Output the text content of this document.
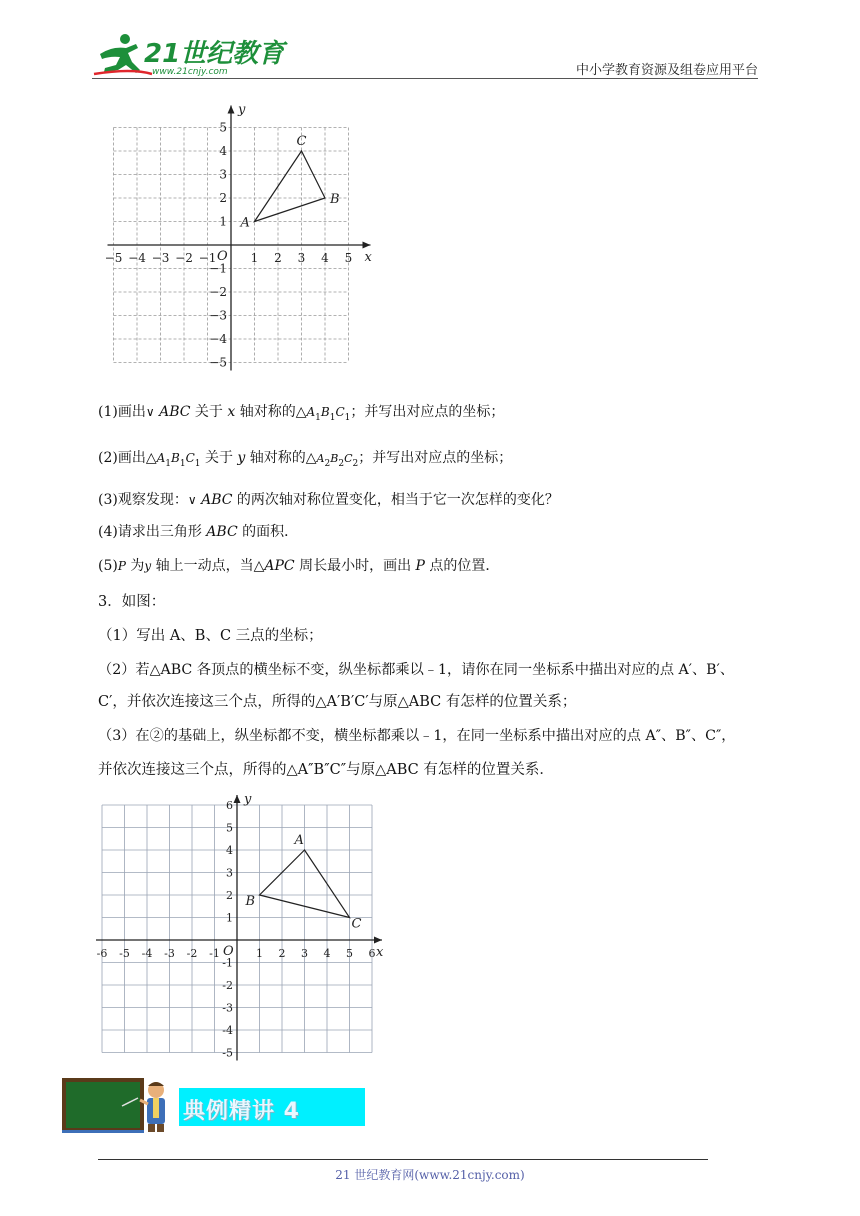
21世纪教育
www.21cnjy.com	中小学教育资源及组卷应用平台
x
y
O
−5 −4 −3 −2 −1	1 2 3 4 5
5
4
3
2
1
−1
−2
−3
−4
−5
A
B
C
(1)画出∨ ABC 关于 x 轴对称的$\triangle A_1B_1C_1$；并写出对应点的坐标；
(2)画出$\triangle A_1B_1C_1$ 关于 y 轴对称的$\triangle A_2B_2C_2$；并写出对应点的坐标；
(3)观察发现：∨ ABC 的两次轴对称位置变化，相当于它一次怎样的变化？
(4)请求出三角形 ABC 的面积．
(5)P 为y 轴上一动点，当△APC 周长最小时，画出 P 点的位置．
3．如图：
（1）写出 A、B、C 三点的坐标；
（2）若△ABC 各顶点的横坐标不变，纵坐标都乘以﹣1，请你在同一坐标系中描出对应的点 A′、B′、
C′，并依次连接这三个点，所得的△A′B′C′与原△ABC 有怎样的位置关系；
（3）在②的基础上，纵坐标都不变，横坐标都乘以﹣1，在同一坐标系中描出对应的点 A″、B″、C″，
并依次连接这三个点，所得的△A″B″C″与原△ABC 有怎样的位置关系．
x
y
O
-6 -5 -4 -3 -2 -1	1 2 3 4 5 6
6
5
4
3
2
1
-1
-2
-3
-4
-5
A
B
C
典例精讲 4
21 世纪教育网(www.21cnjy.com)
